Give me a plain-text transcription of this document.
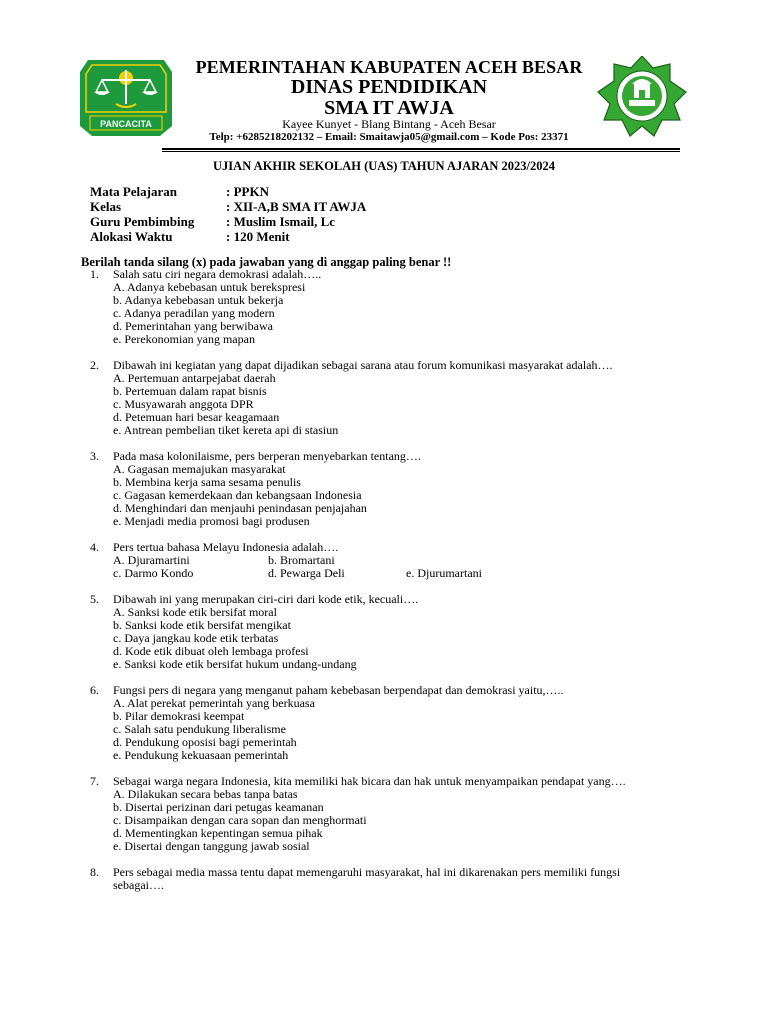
PANCACITA
PEMERINTAHAN KABUPATEN ACEH BESAR
DINAS PENDIDIKAN
SMA IT AWJA
Kayee Kunyet - Blang Bintang - Aceh Besar
Telp: +6285218202132 – Email: Smaitawja05@gmail.com – Kode Pos: 23371
UJIAN AKHIR SEKOLAH (UAS) TAHUN AJARAN 2023/2024
Mata Pelajaran	: PPKN
Kelas	: XII-A,B SMA IT AWJA
Guru Pembimbing	: Muslim Ismail, Lc
Alokasi Waktu	: 120 Menit
Berilah tanda silang (x) pada jawaban yang di anggap paling benar !!
1.	Salah satu ciri negara demokrasi adalah…..
A. Adanya kebebasan untuk berekspresi
b. Adanya kebebasan untuk bekerja
c. Adanya peradilan yang modern
d. Pemerintahan yang berwibawa
e. Perekonomian yang mapan
2.	Dibawah ini kegiatan yang dapat dijadikan sebagai sarana atau forum komunikasi masyarakat adalah….
A. Pertemuan antarpejabat daerah
b. Pertemuan dalam rapat bisnis
c. Musyawarah anggota DPR
d. Petemuan hari besar keagamaan
e. Antrean pembelian tiket kereta api di stasiun
3.	Pada masa kolonilaisme, pers berperan menyebarkan tentang….
A. Gagasan memajukan masyarakat
b. Membina kerja sama sesama penulis
c. Gagasan kemerdekaan dan kebangsaan Indonesia
d. Menghindari dan menjauhi penindasan penjajahan
e. Menjadi media promosi bagi produsen
4.	Pers tertua bahasa Melayu Indonesia adalah….
A. Djuramartini	b. Bromartani
c. Darmo Kondo	d. Pewarga Deli	e. Djurumartani
5.	Dibawah ini yang merupakan ciri-ciri dari kode etik, kecuali….
A. Sanksi kode etik bersifat moral
b. Sanksi kode etik bersifat mengikat
c. Daya jangkau kode etik terbatas
d. Kode etik dibuat oleh lembaga profesi
e. Sanksi kode etik bersifat hukum undang-undang
6.	Fungsi pers di negara yang menganut paham kebebasan berpendapat dan demokrasi yaitu,…..
A. Alat perekat pemerintah yang berkuasa
b. Pilar demokrasi keempat
c. Salah satu pendukung liberalisme
d. Pendukung oposisi bagi pemerintah
e. Pendukung kekuasaan pemerintah
7.	Sebagai warga negara Indonesia, kita memiliki hak bicara dan hak untuk menyampaikan pendapat yang….
A. Dilakukan secara bebas tanpa batas
b. Disertai perizinan dari petugas keamanan
c. Disampaikan dengan cara sopan dan menghormati
d. Mementingkan kepentingan semua pihak
e. Disertai dengan tanggung jawab sosial
8.	Pers sebagai media massa tentu dapat memengaruhi masyarakat, hal ini dikarenakan pers memiliki fungsi sebagai….
